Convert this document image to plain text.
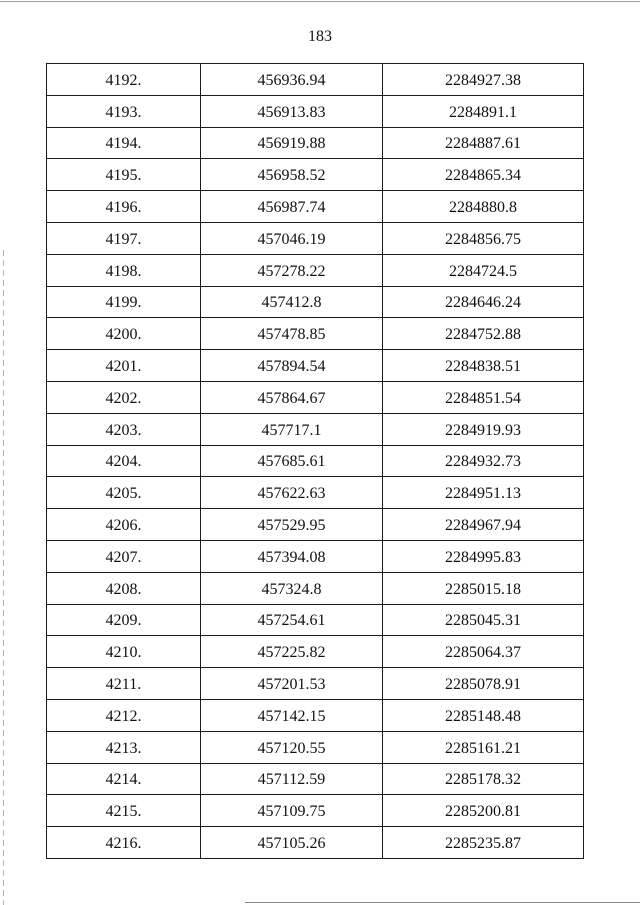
183
4192.	456936.94	2284927.38
4193.	456913.83	2284891.1
4194.	456919.88	2284887.61
4195.	456958.52	2284865.34
4196.	456987.74	2284880.8
4197.	457046.19	2284856.75
4198.	457278.22	2284724.5
4199.	457412.8	2284646.24
4200.	457478.85	2284752.88
4201.	457894.54	2284838.51
4202.	457864.67	2284851.54
4203.	457717.1	2284919.93
4204.	457685.61	2284932.73
4205.	457622.63	2284951.13
4206.	457529.95	2284967.94
4207.	457394.08	2284995.83
4208.	457324.8	2285015.18
4209.	457254.61	2285045.31
4210.	457225.82	2285064.37
4211.	457201.53	2285078.91
4212.	457142.15	2285148.48
4213.	457120.55	2285161.21
4214.	457112.59	2285178.32
4215.	457109.75	2285200.81
4216.	457105.26	2285235.87
